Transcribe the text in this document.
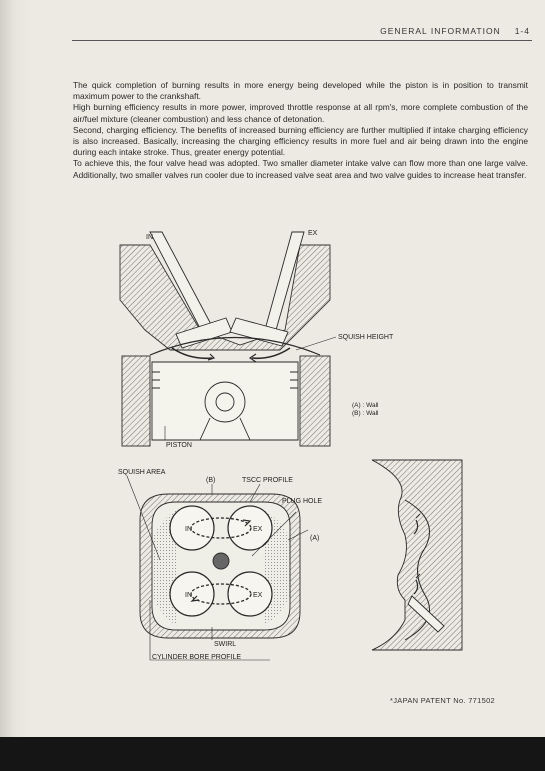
GENERAL INFORMATION 1-4

The quick completion of burning results in more energy being developed while the piston is in position to transmit maximum power to the crankshaft.

High burning efficiency results in more power, improved throttle response at all rpm's, more complete combustion of the air/fuel mixture (cleaner combustion) and less chance of detonation.

Second, charging efficiency. The benefits of increased burning efficiency are further multiplied if intake charging efficiency is also increased. Basically, increasing the charging efficiency results in more fuel and air being drawn into the engine during each intake stroke. Thus, greater energy potential.

To achieve this, the four valve head was adopted. Two smaller diameter intake valve can flow more than one large valve. Additionally, two smaller valves run cooler due to increased valve seat area and two valve guides to increase heat transfer.

IN
EX
SQUISH HEIGHT
(A) : Wall
(B) : Wall
PISTON
SQUISH AREA
(B)	TSCC PROFILE
PLUG HOLE
(A)
IN	EX
IN	EX
SWIRL
CYLINDER BORE PROFILE
*JAPAN PATENT No. 771502
